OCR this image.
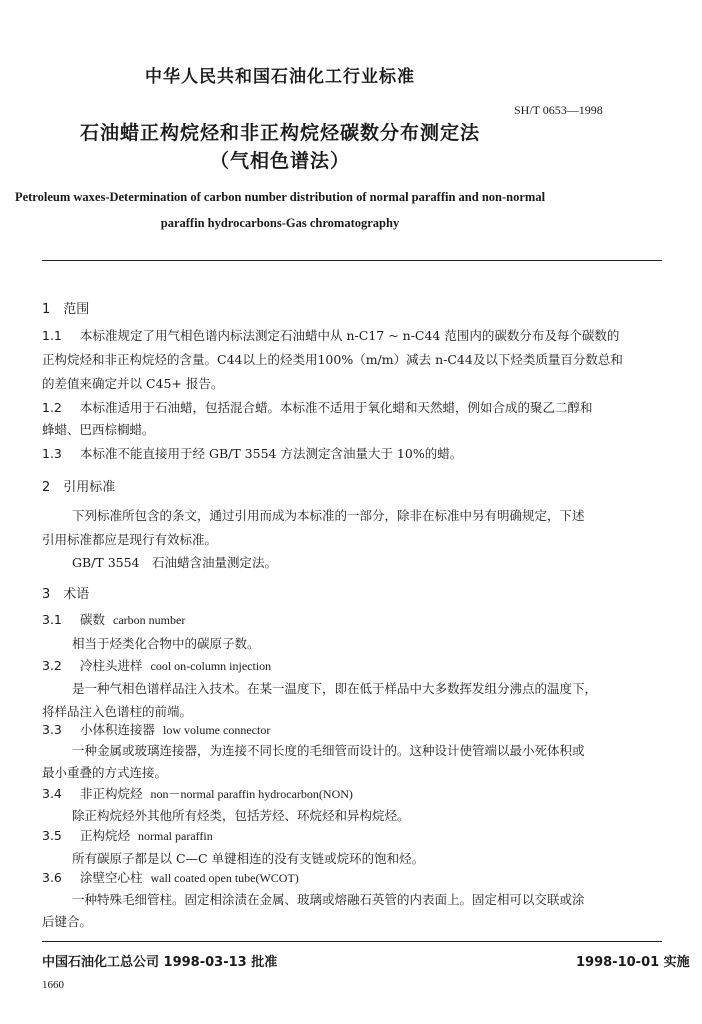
中华人民共和国石油化工行业标准
SH/T 0653—1998
石油蜡正构烷烃和非正构烷烃碳数分布测定法
（气相色谱法）
Petroleum waxes-Determination of carbon number distribution of normal paraffin and non-normal paraffin hydrocarbons-Gas chromatography
1　范围
1.1 本标准规定了用气相色谱内标法测定石油蜡中从 n-C17 ~ n-C44 范围内的碳数分布及每个碳数的
正构烷烃和非正构烷烃的含量。C44以上的烃类用100%（m/m）减去 n-C44及以下烃类质量百分数总和
的差值来确定并以 C45+ 报告。
1.2 本标准适用于石油蜡，包括混合蜡。本标准不适用于氧化蜡和天然蜡，例如合成的聚乙二醇和
蜂蜡、巴西棕榈蜡。
1.3 本标准不能直接用于经 GB/T 3554 方法测定含油量大于 10%的蜡。
2　引用标准
下列标准所包含的条文，通过引用而成为本标准的一部分，除非在标准中另有明确规定，下述
引用标准都应是现行有效标准。
GB/T 3554　石油蜡含油量测定法。
3　术语
3.1 碳数 carbon number
相当于烃类化合物中的碳原子数。
3.2 冷柱头进样 cool on-column injection
是一种气相色谱样品注入技术。在某一温度下，即在低于样品中大多数挥发组分沸点的温度下，
将样品注入色谱柱的前端。
3.3 小体积连接器 low volume connector
一种金属或玻璃连接器，为连接不同长度的毛细管而设计的。这种设计使管端以最小死体积或
最小重叠的方式连接。
3.4 非正构烷烃 non－normal paraffin hydrocarbon(NON)
除正构烷烃外其他所有烃类，包括芳烃、环烷烃和异构烷烃。
3.5 正构烷烃 normal paraffin
所有碳原子都是以 C—C 单键相连的没有支链或烷环的饱和烃。
3.6 涂壁空心柱 wall coated open tube(WCOT)
一种特殊毛细管柱。固定相涂渍在金属、玻璃或熔融石英管的内表面上。固定相可以交联或涂
后键合。
中国石油化工总公司 1998-03-13 批准	1998-10-01 实施
1660
